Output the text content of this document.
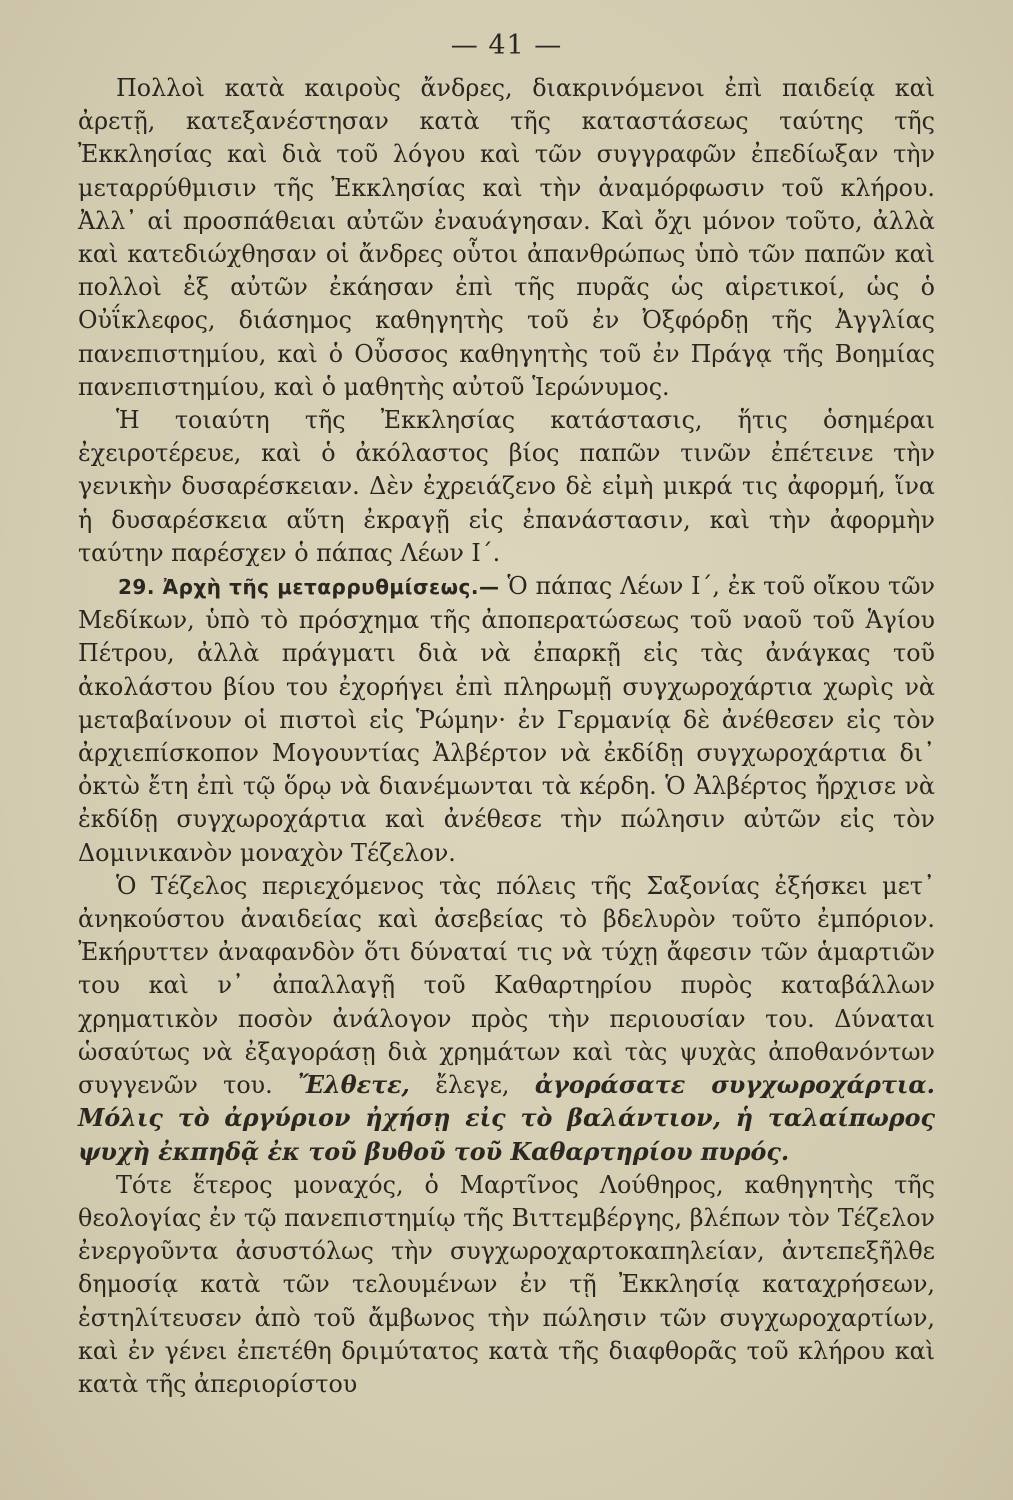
— 41 —

Πολλοὶ κατὰ καιροὺς ἄνδρες, διακρινόμενοι ἐπὶ παιδείᾳ καὶ ἀρετῇ, κατεξανέστησαν κατὰ τῆς καταστάσεως ταύτης τῆς Ἐκκλησίας καὶ διὰ τοῦ λόγου καὶ τῶν συγγραφῶν ἐπεδίωξαν τὴν μεταρρύθμισιν τῆς Ἐκκλησίας καὶ τὴν ἀναμόρφωσιν τοῦ κλήρου. Ἀλλ᾽ αἱ προσπάθειαι αὐτῶν ἐναυάγησαν. Καὶ ὄχι μόνον τοῦτο, ἀλλὰ καὶ κατεδιώχθησαν οἱ ἄνδρες οὗτοι ἀπανθρώπως ὑπὸ τῶν παπῶν καὶ πολλοὶ ἐξ αὐτῶν ἐκάησαν ἐπὶ τῆς πυρᾶς ὡς αἱρετικοί, ὡς ὁ Οὐΐκλεφος, διάσημος καθηγητὴς τοῦ ἐν Ὀξφόρδῃ τῆς Ἀγγλίας πανεπιστημίου, καὶ ὁ Οὖσσος καθηγητὴς τοῦ ἐν Πράγᾳ τῆς Βοημίας πανεπιστημίου, καὶ ὁ μαθητὴς αὐτοῦ Ἱερώνυμος.

Ἡ τοιαύτη τῆς Ἐκκλησίας κατάστασις, ἥτις ὁσημέραι ἐχειροτέρευε, καὶ ὁ ἀκόλαστος βίος παπῶν τινῶν ἐπέτεινε τὴν γενικὴν δυσαρέσκειαν. Δὲν ἐχρειάζενο δὲ εἰμὴ μικρά τις ἀφορμή, ἵνα ἡ δυσαρέσκεια αὕτη ἐκραγῇ εἰς ἐπανάστασιν, καὶ τὴν ἀφορμὴν ταύτην παρέσχεν ὁ πάπας Λέων Ι΄.

29. Ἀρχὴ τῆς μεταρρυθμίσεως.— Ὁ πάπας Λέων Ι΄, ἐκ τοῦ οἴκου τῶν Μεδίκων, ὑπὸ τὸ πρόσχημα τῆς ἀποπερατώσεως τοῦ ναοῦ τοῦ Ἁγίου Πέτρου, ἀλλὰ πράγματι διὰ νὰ ἐπαρκῇ εἰς τὰς ἀνάγκας τοῦ ἀκολάστου βίου του ἐχορήγει ἐπὶ πληρωμῇ συγχωροχάρτια χωρὶς νὰ μεταβαίνουν οἱ πιστοὶ εἰς Ῥώμην· ἐν Γερμανίᾳ δὲ ἀνέθεσεν εἰς τὸν ἀρχιεπίσκοπον Μογουντίας Ἀλβέρτον νὰ ἐκδίδῃ συγχωροχάρτια δι᾽ ὀκτὼ ἔτη ἐπὶ τῷ ὅρῳ νὰ διανέμωνται τὰ κέρδη. Ὁ Ἀλβέρτος ἤρχισε νὰ ἐκδίδῃ συγχωροχάρτια καὶ ἀνέθεσε τὴν πώλησιν αὐτῶν εἰς τὸν Δομινικανὸν μοναχὸν Τέζελον.

Ὁ Τέζελος περιεχόμενος τὰς πόλεις τῆς Σαξονίας ἐξήσκει μετ᾽ ἀνηκούστου ἀναιδείας καὶ ἀσεβείας τὸ βδελυρὸν τοῦτο ἐμπόριον. Ἐκήρυττεν ἀναφανδὸν ὅτι δύναταί τις νὰ τύχῃ ἄφεσιν τῶν ἁμαρτιῶν του καὶ ν᾽ ἀπαλλαγῇ τοῦ Καθαρτηρίου πυρὸς καταβάλλων χρηματικὸν ποσὸν ἀνάλογον πρὸς τὴν περιουσίαν του. Δύναται ὡσαύτως νὰ ἐξαγοράσῃ διὰ χρημάτων καὶ τὰς ψυχὰς ἀποθανόντων συγγενῶν του. Ἔλθετε, ἔλεγε, ἀγοράσατε συγχωροχάρτια. Μόλις τὸ ἀργύριον ἠχήσῃ εἰς τὸ βαλάντιον, ἡ ταλαίπωρος ψυχὴ ἐκπηδᾷ ἐκ τοῦ βυθοῦ τοῦ Καθαρτηρίου πυρός.

Τότε ἕτερος μοναχός, ὁ Μαρτῖνος Λούθηρος, καθηγητὴς τῆς θεολογίας ἐν τῷ πανεπιστημίῳ τῆς Βιττεμβέργης, βλέπων τὸν Τέζελον ἐνεργοῦντα ἀσυστόλως τὴν συγχωροχαρτοκαπηλείαν, ἀντεπεξῆλθε δημοσίᾳ κατὰ τῶν τελουμένων ἐν τῇ Ἐκκλησίᾳ καταχρήσεων, ἐστηλίτευσεν ἀπὸ τοῦ ἄμβωνος τὴν πώλησιν τῶν συγχωροχαρτίων, καὶ ἐν γένει ἐπετέθη δριμύτατος κατὰ τῆς διαφθορᾶς τοῦ κλήρου καὶ κατὰ τῆς ἀπεριορίστου
